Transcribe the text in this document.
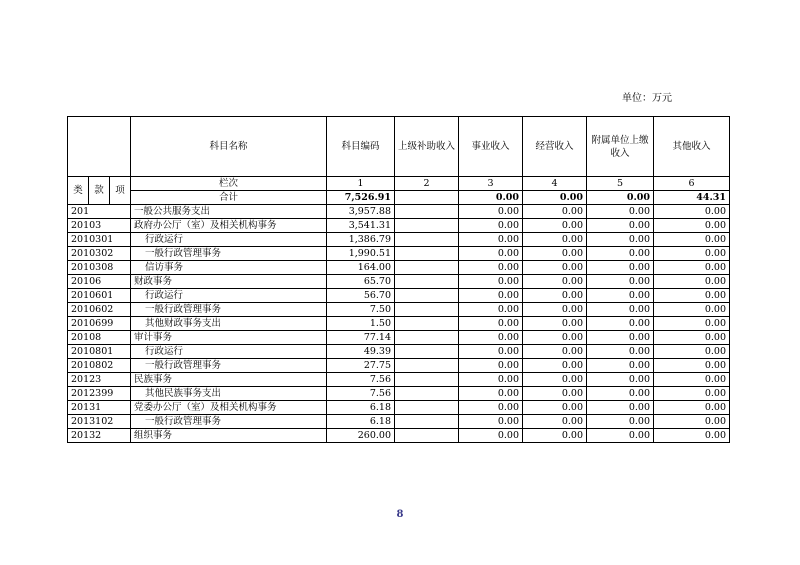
单位：万元
			科目名称	科目编码	上级补助收入	事业收入	经营收入	附属单位上缴收入	其他收入
类	款	项	栏次	1	2	3	4	5	6
			合计	7,526.91		0.00	0.00	0.00	44.31
201			一般公共服务支出	3,957.88		0.00	0.00	0.00	0.00
20103			政府办公厅（室）及相关机构事务	3,541.31		0.00	0.00	0.00	0.00
2010301			行政运行	1,386.79		0.00	0.00	0.00	0.00
2010302			一般行政管理事务	1,990.51		0.00	0.00	0.00	0.00
2010308			信访事务	164.00		0.00	0.00	0.00	0.00
20106			财政事务	65.70		0.00	0.00	0.00	0.00
2010601			行政运行	56.70		0.00	0.00	0.00	0.00
2010602			一般行政管理事务	7.50		0.00	0.00	0.00	0.00
2010699			其他财政事务支出	1.50		0.00	0.00	0.00	0.00
20108			审计事务	77.14		0.00	0.00	0.00	0.00
2010801			行政运行	49.39		0.00	0.00	0.00	0.00
2010802			一般行政管理事务	27.75		0.00	0.00	0.00	0.00
20123			民族事务	7.56		0.00	0.00	0.00	0.00
2012399			其他民族事务支出	7.56		0.00	0.00	0.00	0.00
20131			党委办公厅（室）及相关机构事务	6.18		0.00	0.00	0.00	0.00
2013102			一般行政管理事务	6.18		0.00	0.00	0.00	0.00
20132			组织事务	260.00		0.00	0.00	0.00	0.00
8
